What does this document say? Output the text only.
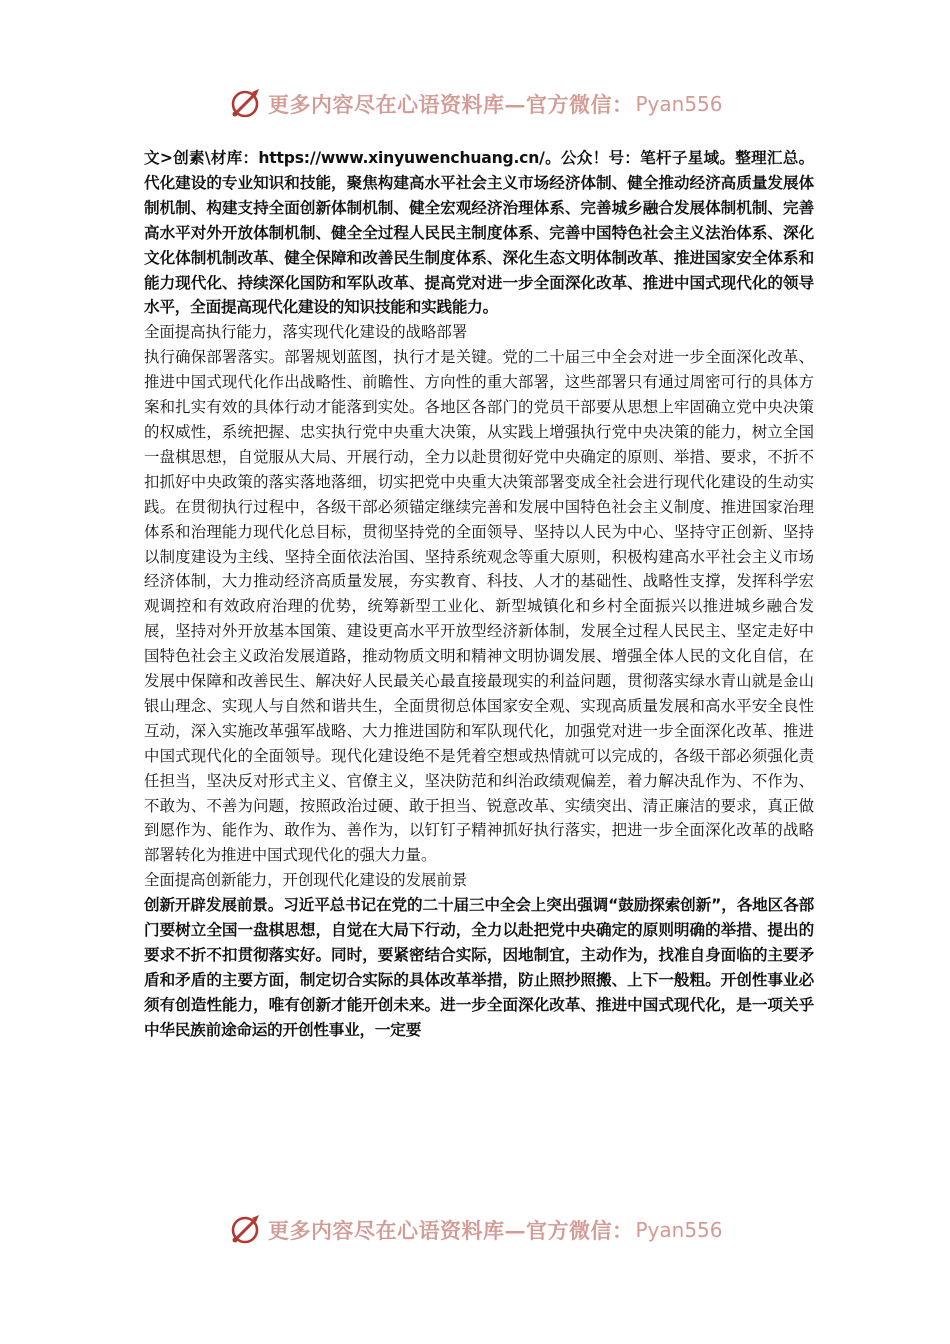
更多内容尽在心语资料库—官方微信： Pyan556

文>创素\材库：https://www.xinyuwenchuang.cn/。公众！号：笔杆子星域。整理汇总。代化建设的专业知识和技能，聚焦构建高水平社会主义市场经济体制、健全推动经济高质量发展体制机制、构建支持全面创新体制机制、健全宏观经济治理体系、完善城乡融合发展体制机制、完善高水平对外开放体制机制、健全全过程人民民主制度体系、完善中国特色社会主义法治体系、深化文化体制机制改革、健全保障和改善民生制度体系、深化生态文明体制改革、推进国家安全体系和能力现代化、持续深化国防和军队改革、提高党对进一步全面深化改革、推进中国式现代化的领导水平，全面提高现代化建设的知识技能和实践能力。

全面提高执行能力，落实现代化建设的战略部署

执行确保部署落实。部署规划蓝图，执行才是关键。党的二十届三中全会对进一步全面深化改革、推进中国式现代化作出战略性、前瞻性、方向性的重大部署，这些部署只有通过周密可行的具体方案和扎实有效的具体行动才能落到实处。各地区各部门的党员干部要从思想上牢固确立党中央决策的权威性，系统把握、忠实执行党中央重大决策，从实践上增强执行党中央决策的能力，树立全国一盘棋思想，自觉服从大局、开展行动，全力以赴贯彻好党中央确定的原则、举措、要求，不折不扣抓好中央政策的落实落地落细，切实把党中央重大决策部署变成全社会进行现代化建设的生动实践。在贯彻执行过程中，各级干部必须锚定继续完善和发展中国特色社会主义制度、推进国家治理体系和治理能力现代化总目标，贯彻坚持党的全面领导、坚持以人民为中心、坚持守正创新、坚持以制度建设为主线、坚持全面依法治国、坚持系统观念等重大原则，积极构建高水平社会主义市场经济体制，大力推动经济高质量发展，夯实教育、科技、人才的基础性、战略性支撑，发挥科学宏观调控和有效政府治理的优势，统筹新型工业化、新型城镇化和乡村全面振兴以推进城乡融合发展，坚持对外开放基本国策、建设更高水平开放型经济新体制，发展全过程人民民主、坚定走好中国特色社会主义政治发展道路，推动物质文明和精神文明协调发展、增强全体人民的文化自信，在发展中保障和改善民生、解决好人民最关心最直接最现实的利益问题，贯彻落实绿水青山就是金山银山理念、实现人与自然和谐共生，全面贯彻总体国家安全观、实现高质量发展和高水平安全良性互动，深入实施改革强军战略、大力推进国防和军队现代化，加强党对进一步全面深化改革、推进中国式现代化的全面领导。现代化建设绝不是凭着空想或热情就可以完成的，各级干部必须强化责任担当，坚决反对形式主义、官僚主义，坚决防范和纠治政绩观偏差，着力解决乱作为、不作为、不敢为、不善为问题，按照政治过硬、敢于担当、锐意改革、实绩突出、清正廉洁的要求，真正做到愿作为、能作为、敢作为、善作为，以钉钉子精神抓好执行落实，把进一步全面深化改革的战略部署转化为推进中国式现代化的强大力量。

全面提高创新能力，开创现代化建设的发展前景

创新开辟发展前景。习近平总书记在党的二十届三中全会上突出强调“鼓励探索创新”，各地区各部门要树立全国一盘棋思想，自觉在大局下行动，全力以赴把党中央确定的原则明确的举措、提出的要求不折不扣贯彻落实好。同时，要紧密结合实际，因地制宜，主动作为，找准自身面临的主要矛盾和矛盾的主要方面，制定切合实际的具体改革举措，防止照抄照搬、上下一般粗。开创性事业必须有创造性能力，唯有创新才能开创未来。进一步全面深化改革、推进中国式现代化，是一项关乎中华民族前途命运的开创性事业，一定要

更多内容尽在心语资料库—官方微信： Pyan556
